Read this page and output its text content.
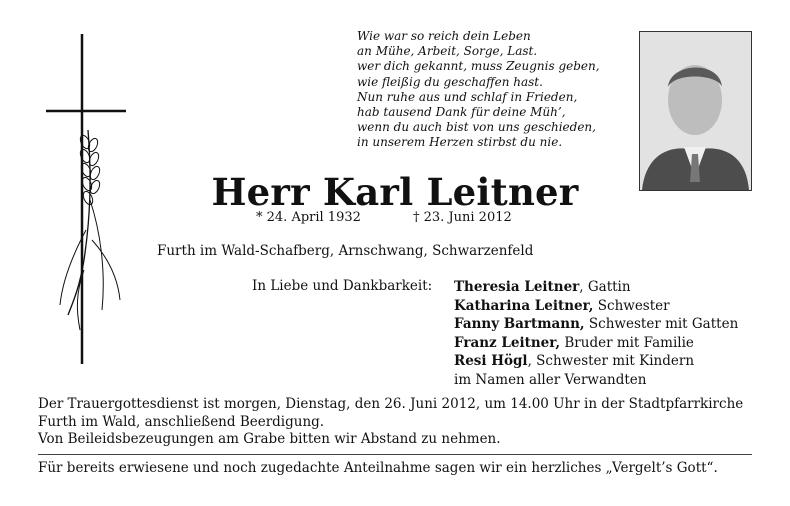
Wie war so reich dein Leben
an Mühe, Arbeit, Sorge, Last.
wer dich gekannt, muss Zeugnis geben,
wie fleißig du geschaffen hast.
Nun ruhe aus und schlaf in Frieden,
hab tausend Dank für deine Müh’,
wenn du auch bist von uns geschieden,
in unserem Herzen stirbst du nie.
Herr Karl Leitner
* 24. April 1932	† 23. Juni 2012
Furth im Wald-Schafberg, Arnschwang, Schwarzenfeld
In Liebe und Dankbarkeit: Theresia Leitner, Gattin
Katharina Leitner, Schwester
Fanny Bartmann, Schwester mit Gatten
Franz Leitner, Bruder mit Familie
Resi Högl, Schwester mit Kindern
im Namen aller Verwandten
Der Trauergottesdienst ist morgen, Dienstag, den 26. Juni 2012, um 14.00 Uhr in der Stadtpfarrkirche
Furth im Wald, anschließend Beerdigung.
Von Beileidsbezeugungen am Grabe bitten wir Abstand zu nehmen.
Für bereits erwiesene und noch zugedachte Anteilnahme sagen wir ein herzliches „Vergelt’s Gott“.
